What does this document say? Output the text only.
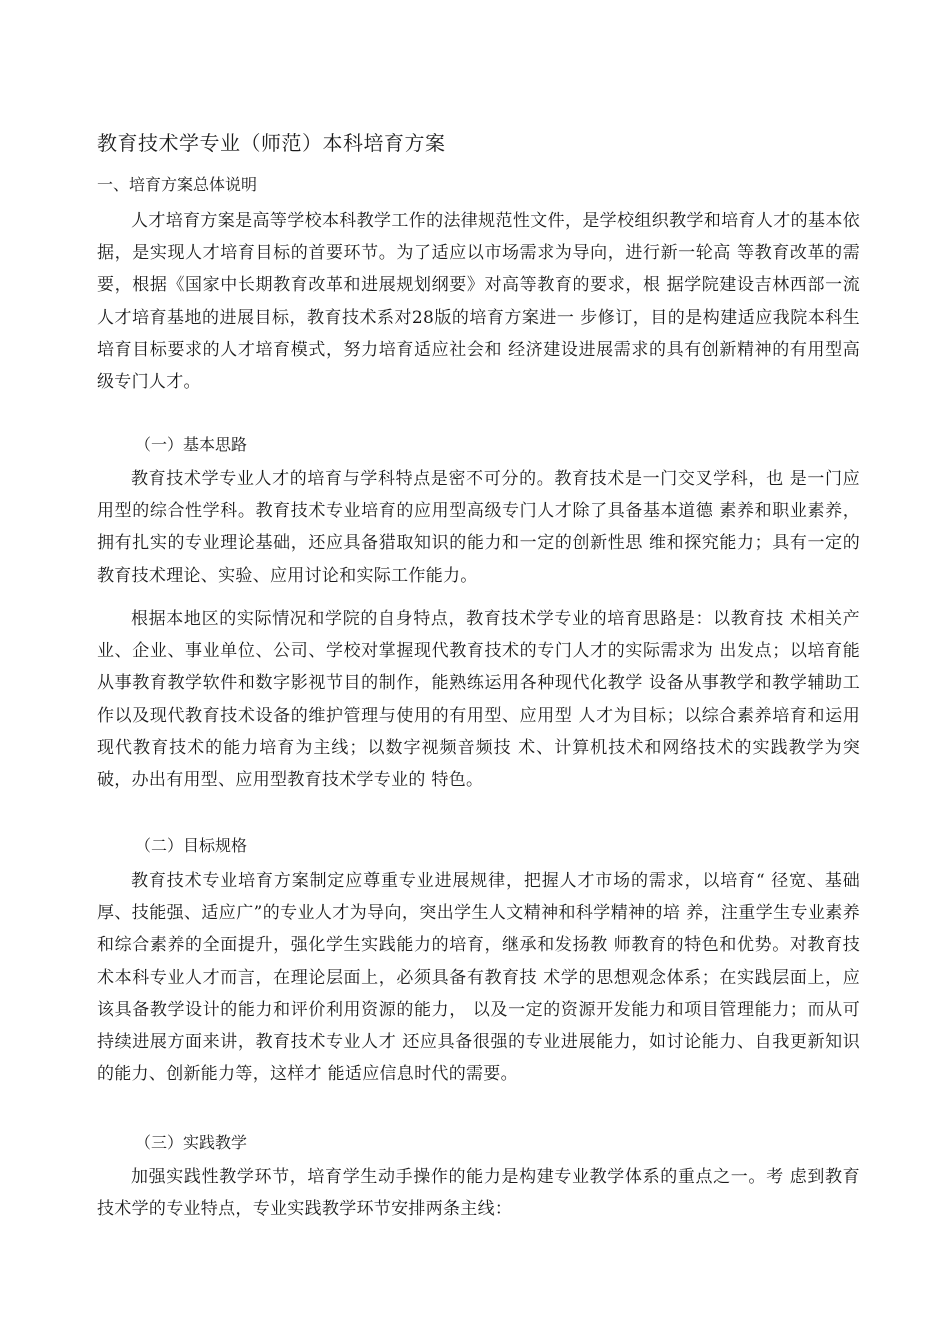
教育技术学专业（师范）本科培育方案
一、培育方案总体说明
人才培育方案是高等学校本科教学工作的法律规范性文件，是学校组织教学和培育人才的基本依据，是实现人才培育目标的首要环节。为了适应以市场需求为导向，进行新一轮高 等教育改革的需要，根据《国家中长期教育改革和进展规划纲要》对高等教育的要求，根 据学院建设吉林西部一流人才培育基地的进展目标，教育技术系对28版的培育方案进一 步修订，目的是构建适应我院本科生培育目标要求的人才培育模式，努力培育适应社会和 经济建设进展需求的具有创新精神的有用型高级专门人才。
（一）基本思路
教育技术学专业人才的培育与学科特点是密不可分的。教育技术是一门交叉学科，也 是一门应用型的综合性学科。教育技术专业培育的应用型高级专门人才除了具备基本道德 素养和职业素养，拥有扎实的专业理论基础，还应具备猎取知识的能力和一定的创新性思 维和探究能力；具有一定的教育技术理论、实验、应用讨论和实际工作能力。
根据本地区的实际情况和学院的自身特点，教育技术学专业的培育思路是：以教育技 术相关产业、企业、事业单位、公司、学校对掌握现代教育技术的专门人才的实际需求为 出发点；以培育能从事教育教学软件和数字影视节目的制作，能熟练运用各种现代化教学 设备从事教学和教学辅助工作以及现代教育技术设备的维护管理与使用的有用型、应用型 人才为目标；以综合素养培育和运用现代教育技术的能力培育为主线；以数字视频音频技 术、计算机技术和网络技术的实践教学为突破，办出有用型、应用型教育技术学专业的 特色。
（二）目标规格
教育技术专业培育方案制定应尊重专业进展规律，把握人才市场的需求，以培育“ 径宽、基础厚、技能强、适应广”的专业人才为导向，突出学生人文精神和科学精神的培 养，注重学生专业素养和综合素养的全面提升，强化学生实践能力的培育，继承和发扬教 师教育的特色和优势。对教育技术本科专业人才而言，在理论层面上，必须具备有教育技 术学的思想观念体系；在实践层面上，应该具备教学设计的能力和评价利用资源的能力， 以及一定的资源开发能力和项目管理能力；而从可持续进展方面来讲，教育技术专业人才 还应具备很强的专业进展能力，如讨论能力、自我更新知识的能力、创新能力等，这样才 能适应信息时代的需要。
（三）实践教学
加强实践性教学环节，培育学生动手操作的能力是构建专业教学体系的重点之一。考 虑到教育技术学的专业特点，专业实践教学环节安排两条主线：
